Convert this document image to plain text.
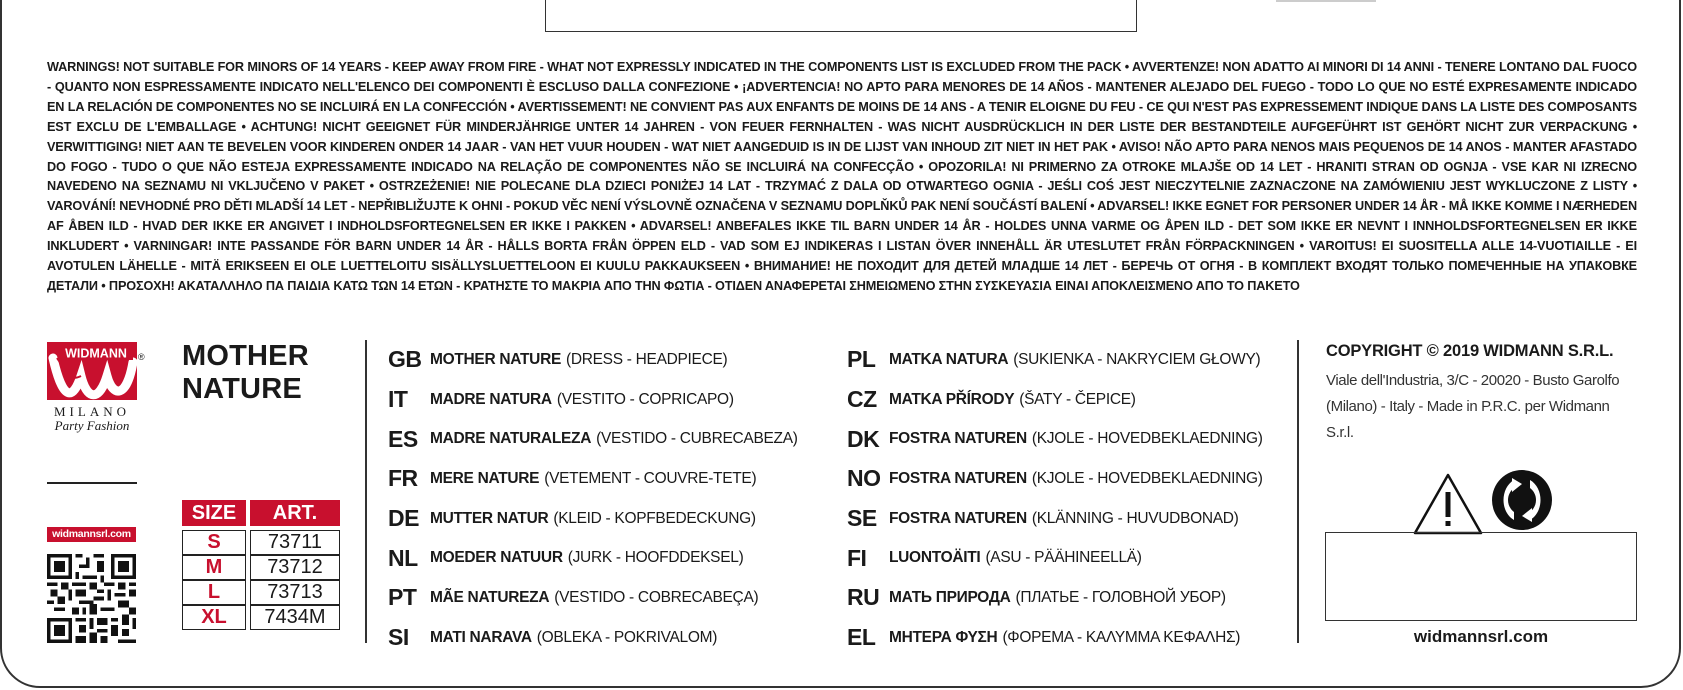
WARNINGS! NOT SUITABLE FOR MINORS OF 14 YEARS - KEEP AWAY FROM FIRE - WHAT NOT EXPRESSLY INDICATED IN THE COMPONENTS LIST IS EXCLUDED FROM THE PACK • AVVERTENZE! NON ADATTO AI MINORI DI 14 ANNI - TENERE LONTANO DAL FUOCO - QUANTO NON ESPRESSAMENTE INDICATO NELL'ELENCO DEI COMPONENTI È ESCLUSO DALLA CONFEZIONE • ¡ADVERTENCIA! NO APTO PARA MENORES DE 14 AÑOS - MANTENER ALEJADO DEL FUEGO - TODO LO QUE NO ESTÉ EXPRESAMENTE INDICADO EN LA RELACIÓN DE COMPONENTES NO SE INCLUIRÁ EN LA CONFECCIÓN • AVERTISSEMENT! NE CONVIENT PAS AUX ENFANTS DE MOINS DE 14 ANS - A TENIR ELOIGNE DU FEU - CE QUI N'EST PAS EXPRESSEMENT INDIQUE DANS LA LISTE DES COMPOSANTS EST EXCLU DE L'EMBALLAGE • ACHTUNG! NICHT GEEIGNET FÜR MINDERJÄHRIGE UNTER 14 JAHREN - VON FEUER FERNHALTEN - WAS NICHT AUSDRÜCKLICH IN DER LISTE DER BESTANDTEILE AUFGEFÜHRT IST GEHÖRT NICHT ZUR VERPACKUNG • VERWITTIGING! NIET AAN TE BEVELEN VOOR KINDEREN ONDER 14 JAAR - VAN HET VUUR HOUDEN - WAT NIET AANGEDUID IS IN DE LIJST VAN INHOUD ZIT NIET IN HET PAK • AVISO! NÃO APTO PARA NENOS MAIS PEQUENOS DE 14 ANOS - MANTER AFASTADO DO FOGO - TUDO O QUE NÃO ESTEJA EXPRESSAMENTE INDICADO NA RELAÇÃO DE COMPONENTES NÃO SE INCLUIRÁ NA CONFECÇÃO • OPOZORILA! NI PRIMERNO ZA OTROKE MLAJŠE OD 14 LET - HRANITI STRAN OD OGNJA - VSE KAR NI IZRECNO NAVEDENO NA SEZNAMU NI VKLJUČENO V PAKET • OSTRZEŻENIE! NIE POLECANE DLA DZIECI PONIŻEJ 14 LAT - TRZYMAĆ Z DALA OD OTWARTEGO OGNIA - JEŚLI COŚ JEST NIECZYTELNIE ZAZNACZONE NA ZAMÓWIENIU JEST WYKLUCZONE Z LISTY • VAROVÁNÍ! NEVHODNÉ PRO DĚTI MLADŠÍ 14 LET - NEPŘIBLIŽUJTE K OHNI - POKUD VĚC NENÍ VÝSLOVNĚ OZNAČENA V SEZNAMU DOPLŇKŮ PAK NENÍ SOUČÁSTÍ BALENÍ • ADVARSEL! IKKE EGNET FOR PERSONER UNDER 14 ÅR - MÅ IKKE KOMME I NÆRHEDEN AF ÅBEN ILD - HVAD DER IKKE ER ANGIVET I INDHOLDSFORTEGNELSEN ER IKKE I PAKKEN • ADVARSEL! ANBEFALES IKKE TIL BARN UNDER 14 ÅR - HOLDES UNNA VARME OG ÅPEN ILD - DET SOM IKKE ER NEVNT I INNHOLDSFORTEGNELSEN ER IKKE INKLUDERT • VARNINGAR! INTE PASSANDE FÖR BARN UNDER 14 ÅR - HÅLLS BORTA FRÅN ÖPPEN ELD - VAD SOM EJ INDIKERAS I LISTAN ÖVER INNEHÅLL ÄR UTESLUTET FRÅN FÖRPACKNINGEN • VAROITUS! EI SUOSITELLA ALLE 14-VUOTIAILLE - EI AVOTULEN LÄHELLE - MITÄ ERIKSEEN EI OLE LUETTELOITU SISÄLLYSLUETTELOON EI KUULU PAKKAUKSEEN • ВНИМАНИЕ! НЕ ПОХОДИТ ДЛЯ ДЕТЕЙ МЛАДШЕ 14 ЛЕТ - БЕРЕЧЬ ОТ ОГНЯ - В КОМПЛЕКТ ВХОДЯТ ТОЛЬКО ПОМЕЧЕННЫЕ НА УПАКОВКЕ ДЕТАЛИ • ΠΡΟΣΟΧΗ! ΑΚΑΤΑΛΛΗΛΟ ΠΑ ΠΑΙΔΙΑ ΚΑΤΩ ΤΩΝ 14 ΕΤΩΝ - ΚΡΑΤΗΣΤΕ ΤΟ ΜΑΚΡΙΑ ΑΠΟ ΤΗΝ ΦΩΤΙΑ - ΟΤΙΔΕΝ ΑΝΑΦΕΡΕΤΑΙ ΣΗΜΕΙΩΜΕΝΟ ΣΤΗΝ ΣΥΣΚΕΥΑΣΙΑ ΕΙΝΑΙ ΑΠΟΚΛΕΙΣΜΕΝΟ ΑΠΟ ΤΟ ΠΑΚΕΤΟ
WIDMANN
MILANO
Party Fashion
® MOTHER
NATURE
widmannsrl.com
SIZE	ART.

S	73711
M	73712
L	73713
XL	7434M
GB MOTHER NATURE (DRESS - HEADPIECE)
IT	MADRE NATURA (VESTITO - COPRICAPO)
ES MADRE NATURALEZA (VESTIDO - CUBRECABEZA)
FR MERE NATURE (VETEMENT - COUVRE-TETE)
DE MUTTER NATUR (KLEID - KOPFBEDECKUNG)
NL MOEDER NATUUR (JURK - HOOFDDEKSEL)
PT MÃE NATUREZA (VESTIDO - COBRECABEÇA)
SI	MATI NARAVA (OBLEKA - POKRIVALOM)
PL MATKA NATURA (SUKIENKA - NAKRYCIEM GŁOWY)
CZ MATKA PŘÍRODY (ŠATY - ČEPICE)
DK FOSTRA NATUREN (KJOLE - HOVEDBEKLAEDNING)
NO FOSTRA NATUREN (KJOLE - HOVEDBEKLAEDNING)
SE FOSTRA NATUREN (KLÄNNING - HUVUDBONAD)
FI	LUONTOÄITI (ASU - PÄÄHINEELLÄ)
RU МАТЬ ПРИРОДА (ПЛАТЬЕ - ГОЛОВНОЙ УБОР)
EL ΜΗΤΕΡΑ ΦΥΣΗ (ΦΟΡΕΜΑ - ΚΑΛΥΜΜΑ ΚΕΦΑΛΗΣ)
COPYRIGHT © 2019 WIDMANN S.R.L.
Viale dell'Industria, 3/C - 20020 - Busto Garolfo
(Milano) - Italy - Made in P.R.C. per Widmann S.r.l.
widmannsrl.com
